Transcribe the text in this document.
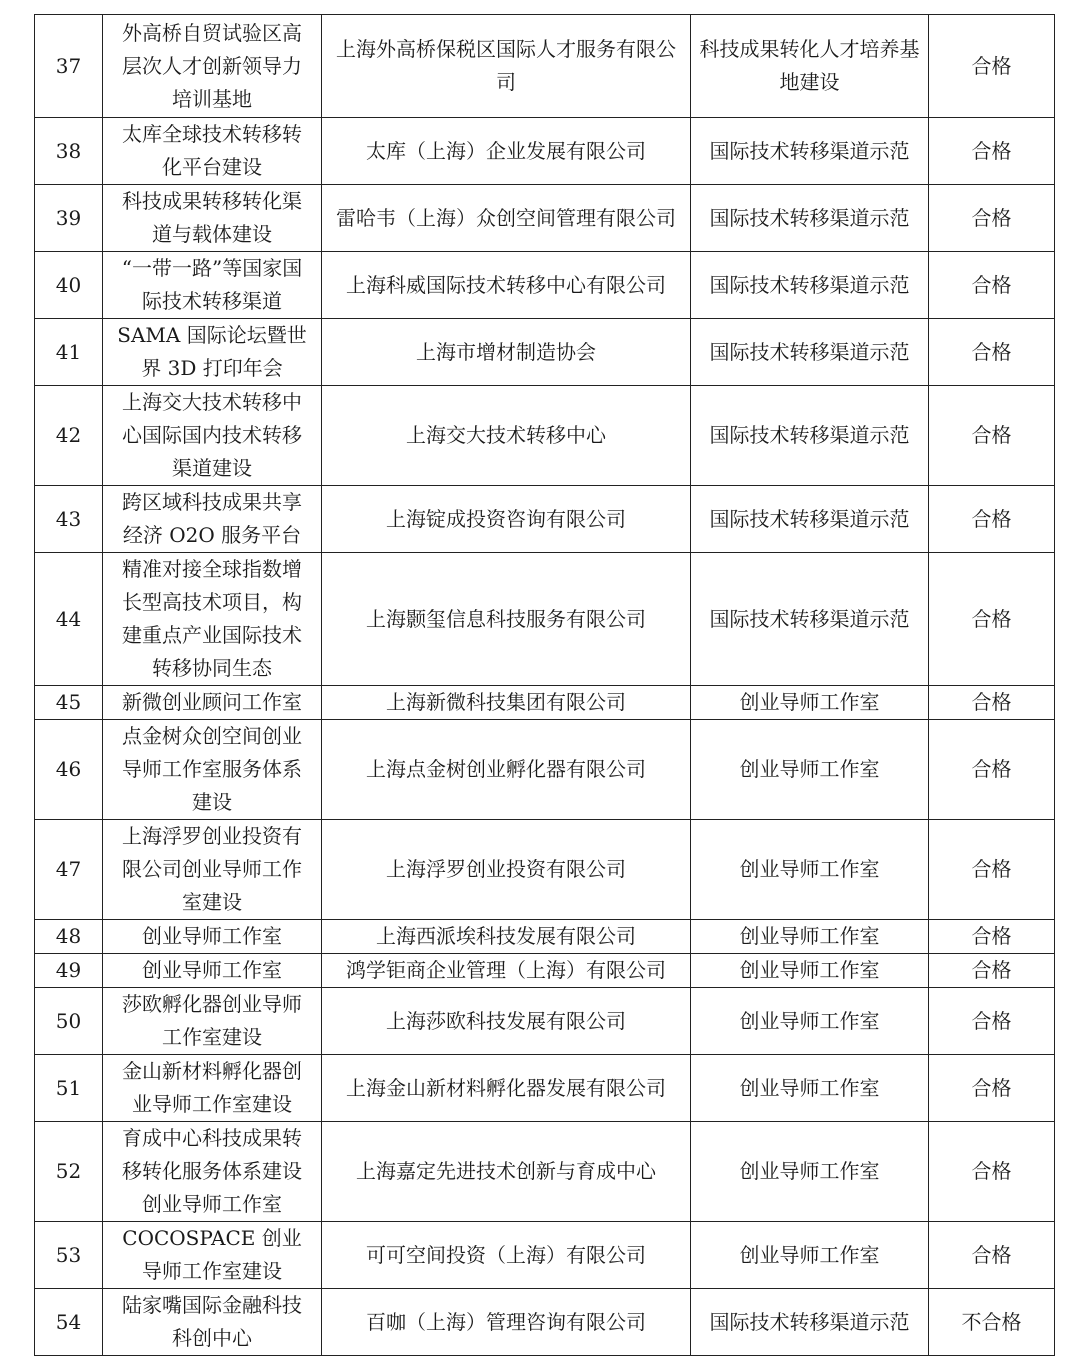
37	外高桥自贸试验区高层次人才创新领导力培训基地	上海外高桥保税区国际人才服务有限公司	科技成果转化人才培养基地建设	合格
38	太库全球技术转移转化平台建设	太库（上海）企业发展有限公司	国际技术转移渠道示范	合格
39	科技成果转移转化渠道与载体建设	雷哈韦（上海）众创空间管理有限公司	国际技术转移渠道示范	合格
40	“一带一路”等国家国际技术转移渠道	上海科威国际技术转移中心有限公司	国际技术转移渠道示范	合格
41	SAMA 国际论坛暨世界 3D 打印年会	上海市增材制造协会	国际技术转移渠道示范	合格
42	上海交大技术转移中心国际国内技术转移渠道建设	上海交大技术转移中心	国际技术转移渠道示范	合格
43	跨区域科技成果共享经济 O2O 服务平台	上海锭成投资咨询有限公司	国际技术转移渠道示范	合格
44	精准对接全球指数增长型高技术项目，构建重点产业国际技术转移协同生态	上海颢玺信息科技服务有限公司	国际技术转移渠道示范	合格
45	新微创业顾问工作室	上海新微科技集团有限公司	创业导师工作室	合格
46	点金树众创空间创业导师工作室服务体系建设	上海点金树创业孵化器有限公司	创业导师工作室	合格
47	上海浮罗创业投资有限公司创业导师工作室建设	上海浮罗创业投资有限公司	创业导师工作室	合格
48	创业导师工作室	上海西派埃科技发展有限公司	创业导师工作室	合格
49	创业导师工作室	鸿学钜商企业管理（上海）有限公司	创业导师工作室	合格
50	莎欧孵化器创业导师工作室建设	上海莎欧科技发展有限公司	创业导师工作室	合格
51	金山新材料孵化器创业导师工作室建设	上海金山新材料孵化器发展有限公司	创业导师工作室	合格
52	育成中心科技成果转移转化服务体系建设创业导师工作室	上海嘉定先进技术创新与育成中心	创业导师工作室	合格
53	COCOSPACE 创业导师工作室建设	可可空间投资（上海）有限公司	创业导师工作室	合格
54	陆家嘴国际金融科技科创中心	百咖（上海）管理咨询有限公司	国际技术转移渠道示范	不合格
